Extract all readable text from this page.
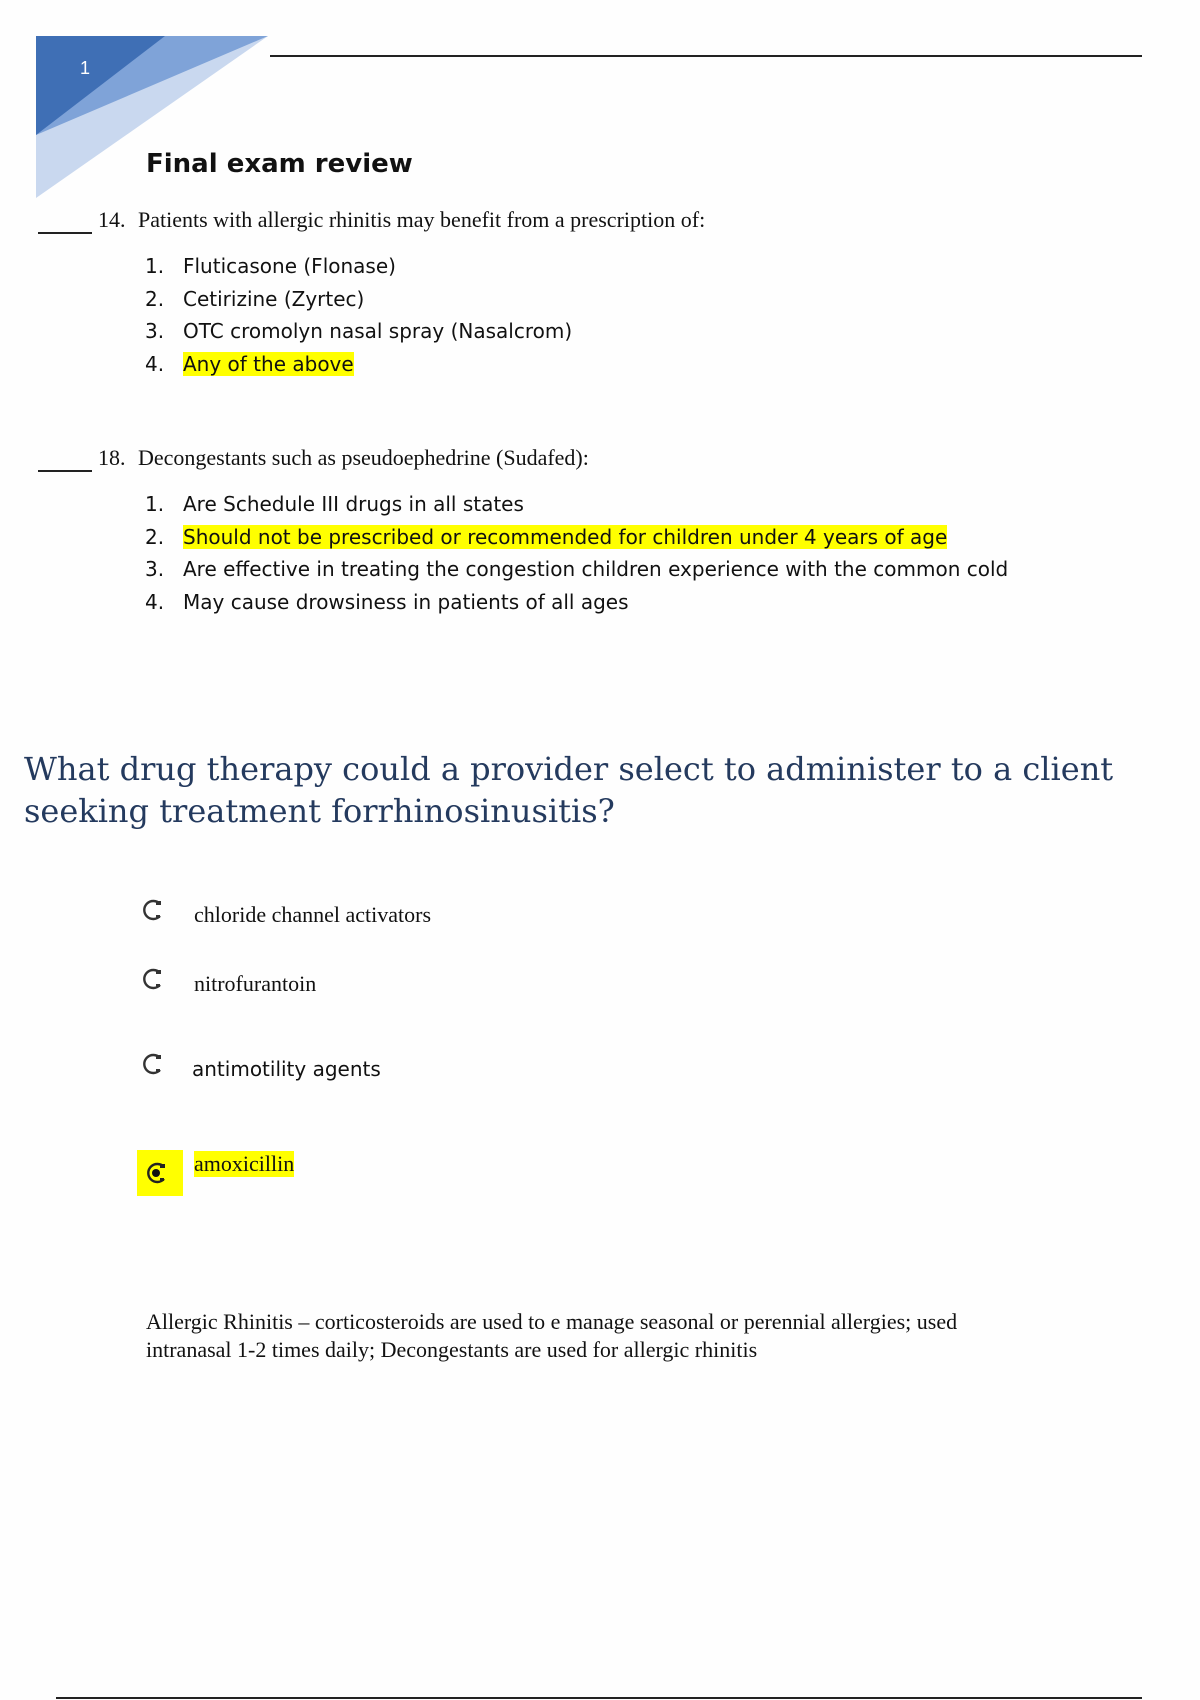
1
Final exam review
14. Patients with allergic rhinitis may benefit from a prescription of:
1. Fluticasone (Flonase)
2. Cetirizine (Zyrtec)
3. OTC cromolyn nasal spray (Nasalcrom)
4. Any of the above
18. Decongestants such as pseudoephedrine (Sudafed):
1. Are Schedule III drugs in all states
2. Should not be prescribed or recommended for children under 4 years of age
3. Are effective in treating the congestion children experience with the common cold
4. May cause drowsiness in patients of all ages
What drug therapy could a provider select to administer to a client
seeking treatment forrhinosinusitis?
chloride channel activators
nitrofurantoin
antimotility agents
amoxicillin

Allergic Rhinitis – corticosteroids are used to e manage seasonal or perennial allergies; used
intranasal 1-2 times daily; Decongestants are used for allergic rhinitis
